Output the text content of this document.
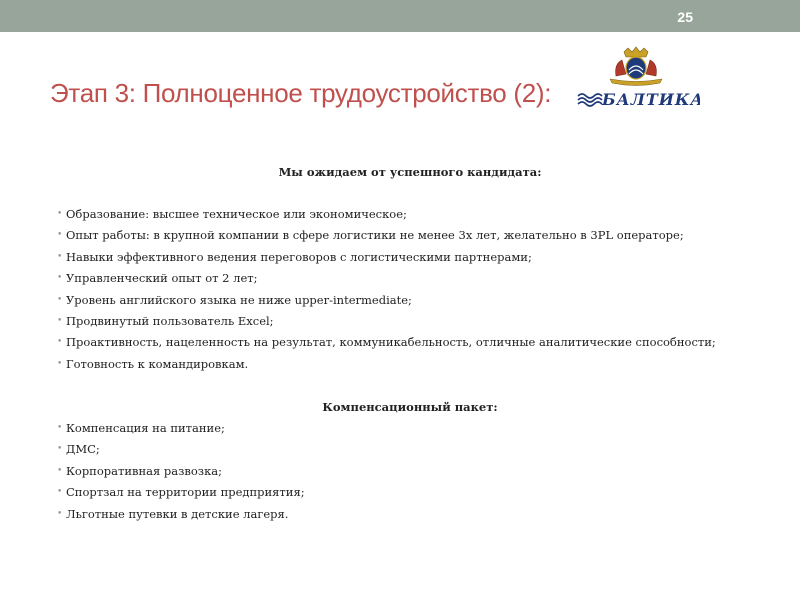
25
Этап 3: Полноценное трудоустройство (2):	БАЛТИКА
Мы ожидаем от успешного кандидата:
• Образование: высшее техническое или экономическое;
• Опыт работы: в крупной компании в сфере логистики не менее 3х лет, желательно в 3PL операторе;
• Навыки эффективного ведения переговоров с логистическими партнерами;
• Управленческий опыт от 2 лет;
• Уровень английского языка не ниже upper-intermediate;
• Продвинутый пользователь Excel;
• Проактивность, нацеленность на результат, коммуникабельность, отличные аналитические способности;
• Готовность к командировкам.
Компенсационный пакет:
• Компенсация на питание;
• ДМС;
• Корпоративная развозка;
• Спортзал на территории предприятия;
• Льготные путевки в детские лагеря.
